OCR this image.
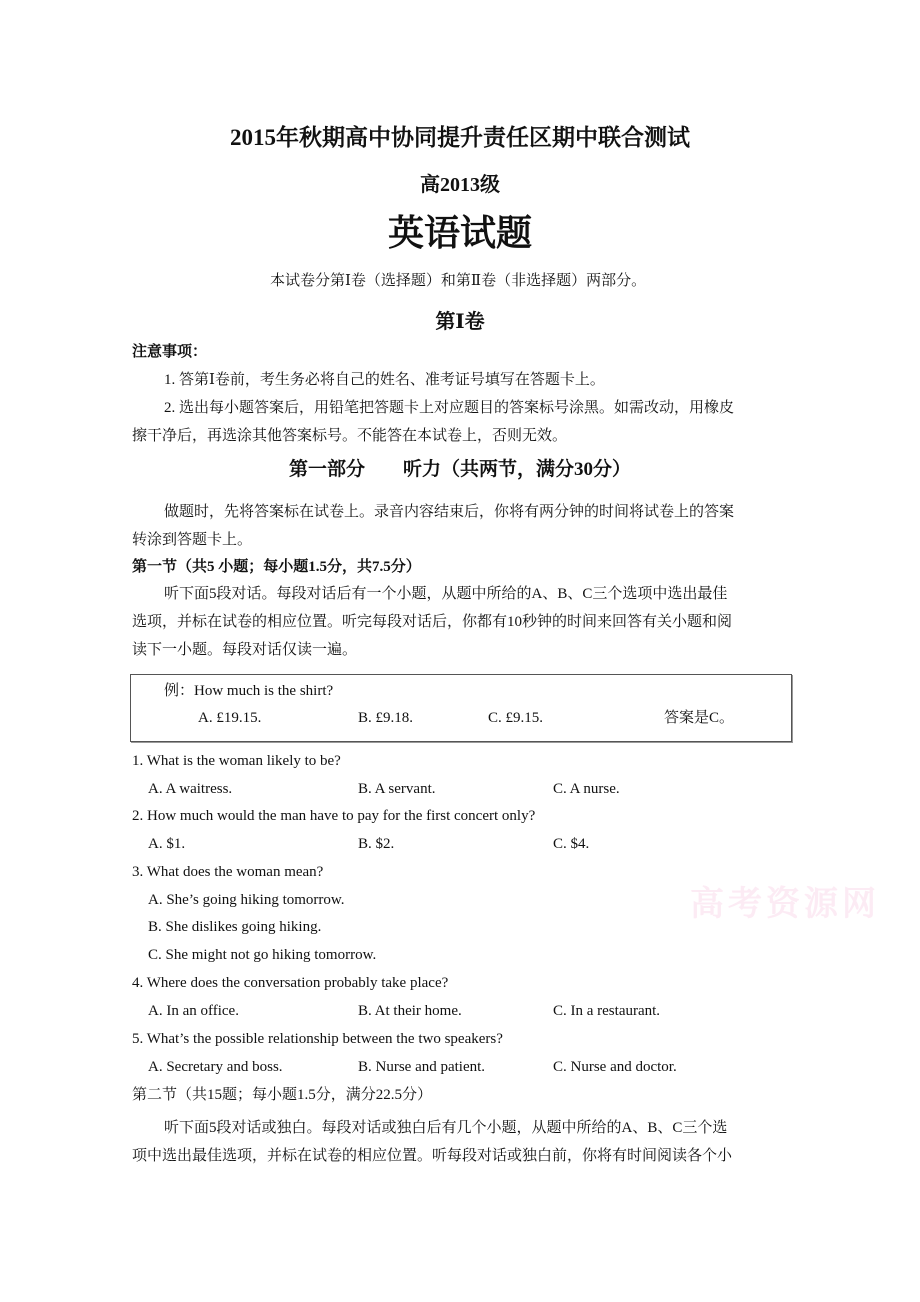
2015年秋期高中协同提升责任区期中联合测试
高2013级
英语试题
本试卷分第Ⅰ卷（选择题）和第Ⅱ卷（非选择题）两部分。
第Ⅰ卷
注意事项：
1. 答第Ⅰ卷前，考生务必将自己的姓名、准考证号填写在答题卡上。
2. 选出每小题答案后，用铅笔把答题卡上对应题目的答案标号涂黑。如需改动，用橡皮
擦干净后，再选涂其他答案标号。不能答在本试卷上，否则无效。
第一部分　　听力（共两节，满分30分）
做题时，先将答案标在试卷上。录音内容结束后，你将有两分钟的时间将试卷上的答案
转涂到答题卡上。
第一节（共5 小题；每小题1.5分，共7.5分）
听下面5段对话。每段对话后有一个小题，从题中所给的A、B、C三个选项中选出最佳
选项，并标在试卷的相应位置。听完每段对话后，你都有10秒钟的时间来回答有关小题和阅
读下一小题。每段对话仅读一遍。
例：How much is the shirt?
A. £19.15.	B. £9.18.	C. £9.15.	答案是C。
1. What is the woman likely to be?
A. A waitress.	B. A servant.	C. A nurse.
2. How much would the man have to pay for the first concert only?
A. $1.	B. $2.	C. $4.
3. What does the woman mean?
A. She’s going hiking tomorrow.
B. She dislikes going hiking.
C. She might not go hiking tomorrow.
4. Where does the conversation probably take place?
A. In an office.	B. At their home.	C. In a restaurant.
5. What’s the possible relationship between the two speakers?
A. Secretary and boss.	B. Nurse and patient.	C. Nurse and doctor.
第二节（共15题；每小题1.5分，满分22.5分）
听下面5段对话或独白。每段对话或独白后有几个小题，从题中所给的A、B、C三个选
项中选出最佳选项，并标在试卷的相应位置。听每段对话或独白前，你将有时间阅读各个小
高考资源网
